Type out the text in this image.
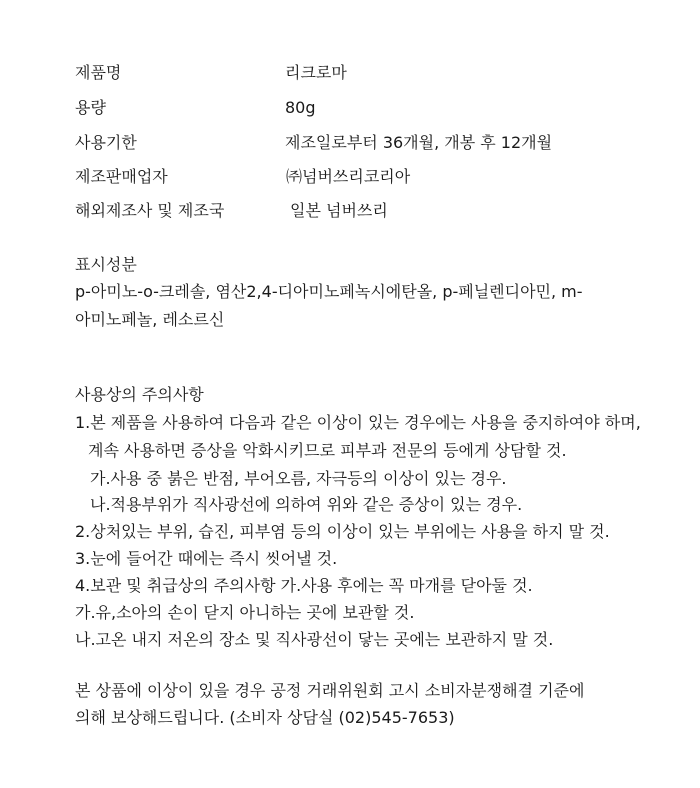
제품명	리크로마
용량	80g
사용기한	제조일로부터 36개월, 개봉 후 12개월
제조판매업자	㈜넘버쓰리코리아
해외제조사 및 제조국	일본 넘버쓰리
표시성분
p-아미노-o-크레솔, 염산2,4-디아미노페녹시에탄올, p-페닐렌디아민, m-아미노페놀, 레소르신
사용상의 주의사항
1.본 제품을 사용하여 다음과 같은 이상이 있는 경우에는 사용을 중지하여야 하며,
계속 사용하면 증상을 악화시키므로 피부과 전문의 등에게 상담할 것.
가.사용 중 붉은 반점, 부어오름, 자극등의 이상이 있는 경우.
나.적용부위가 직사광선에 의하여 위와 같은 증상이 있는 경우.
2.상처있는 부위, 습진, 피부염 등의 이상이 있는 부위에는 사용을 하지 말 것.
3.눈에 들어간 때에는 즉시 씻어낼 것.
4.보관 및 취급상의 주의사항 가.사용 후에는 꼭 마개를 닫아둘 것.
가.유,소아의 손이 닫지 아니하는 곳에 보관할 것.
나.고온 내지 저온의 장소 및 직사광선이 닿는 곳에는 보관하지 말 것.
본 상품에 이상이 있을 경우 공정 거래위원회 고시 소비자분쟁해결 기준에
의해 보상해드립니다. (소비자 상담실 (02)545-7653)
